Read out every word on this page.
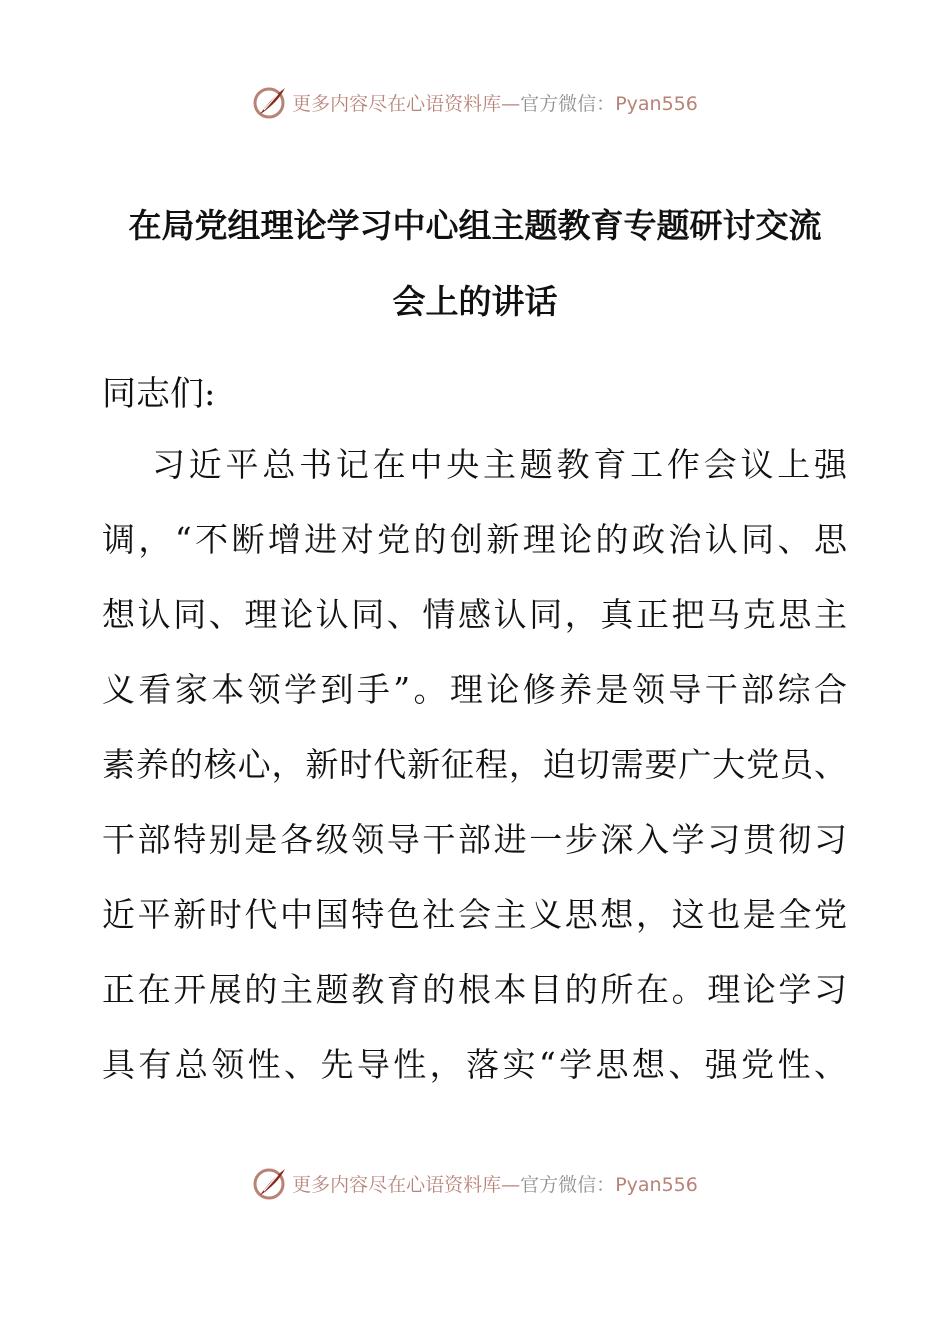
更多内容尽在心语资料库—官方微信：Pyan556
在局党组理论学习中心组主题教育专题研讨交流
会上的讲话

同志们:

习近平总书记在中央主题教育工作会议上强
调，“不断增进对党的创新理论的政治认同、思
想认同、理论认同、情感认同，真正把马克思主
义看家本领学到手”。理论修养是领导干部综合
素养的核心，新时代新征程，迫切需要广大党员、
干部特别是各级领导干部进一步深入学习贯彻习
近平新时代中国特色社会主义思想，这也是全党
正在开展的主题教育的根本目的所在。理论学习
具有总领性、先导性，落实“学思想、强党性、
更多内容尽在心语资料库—官方微信：Pyan556
